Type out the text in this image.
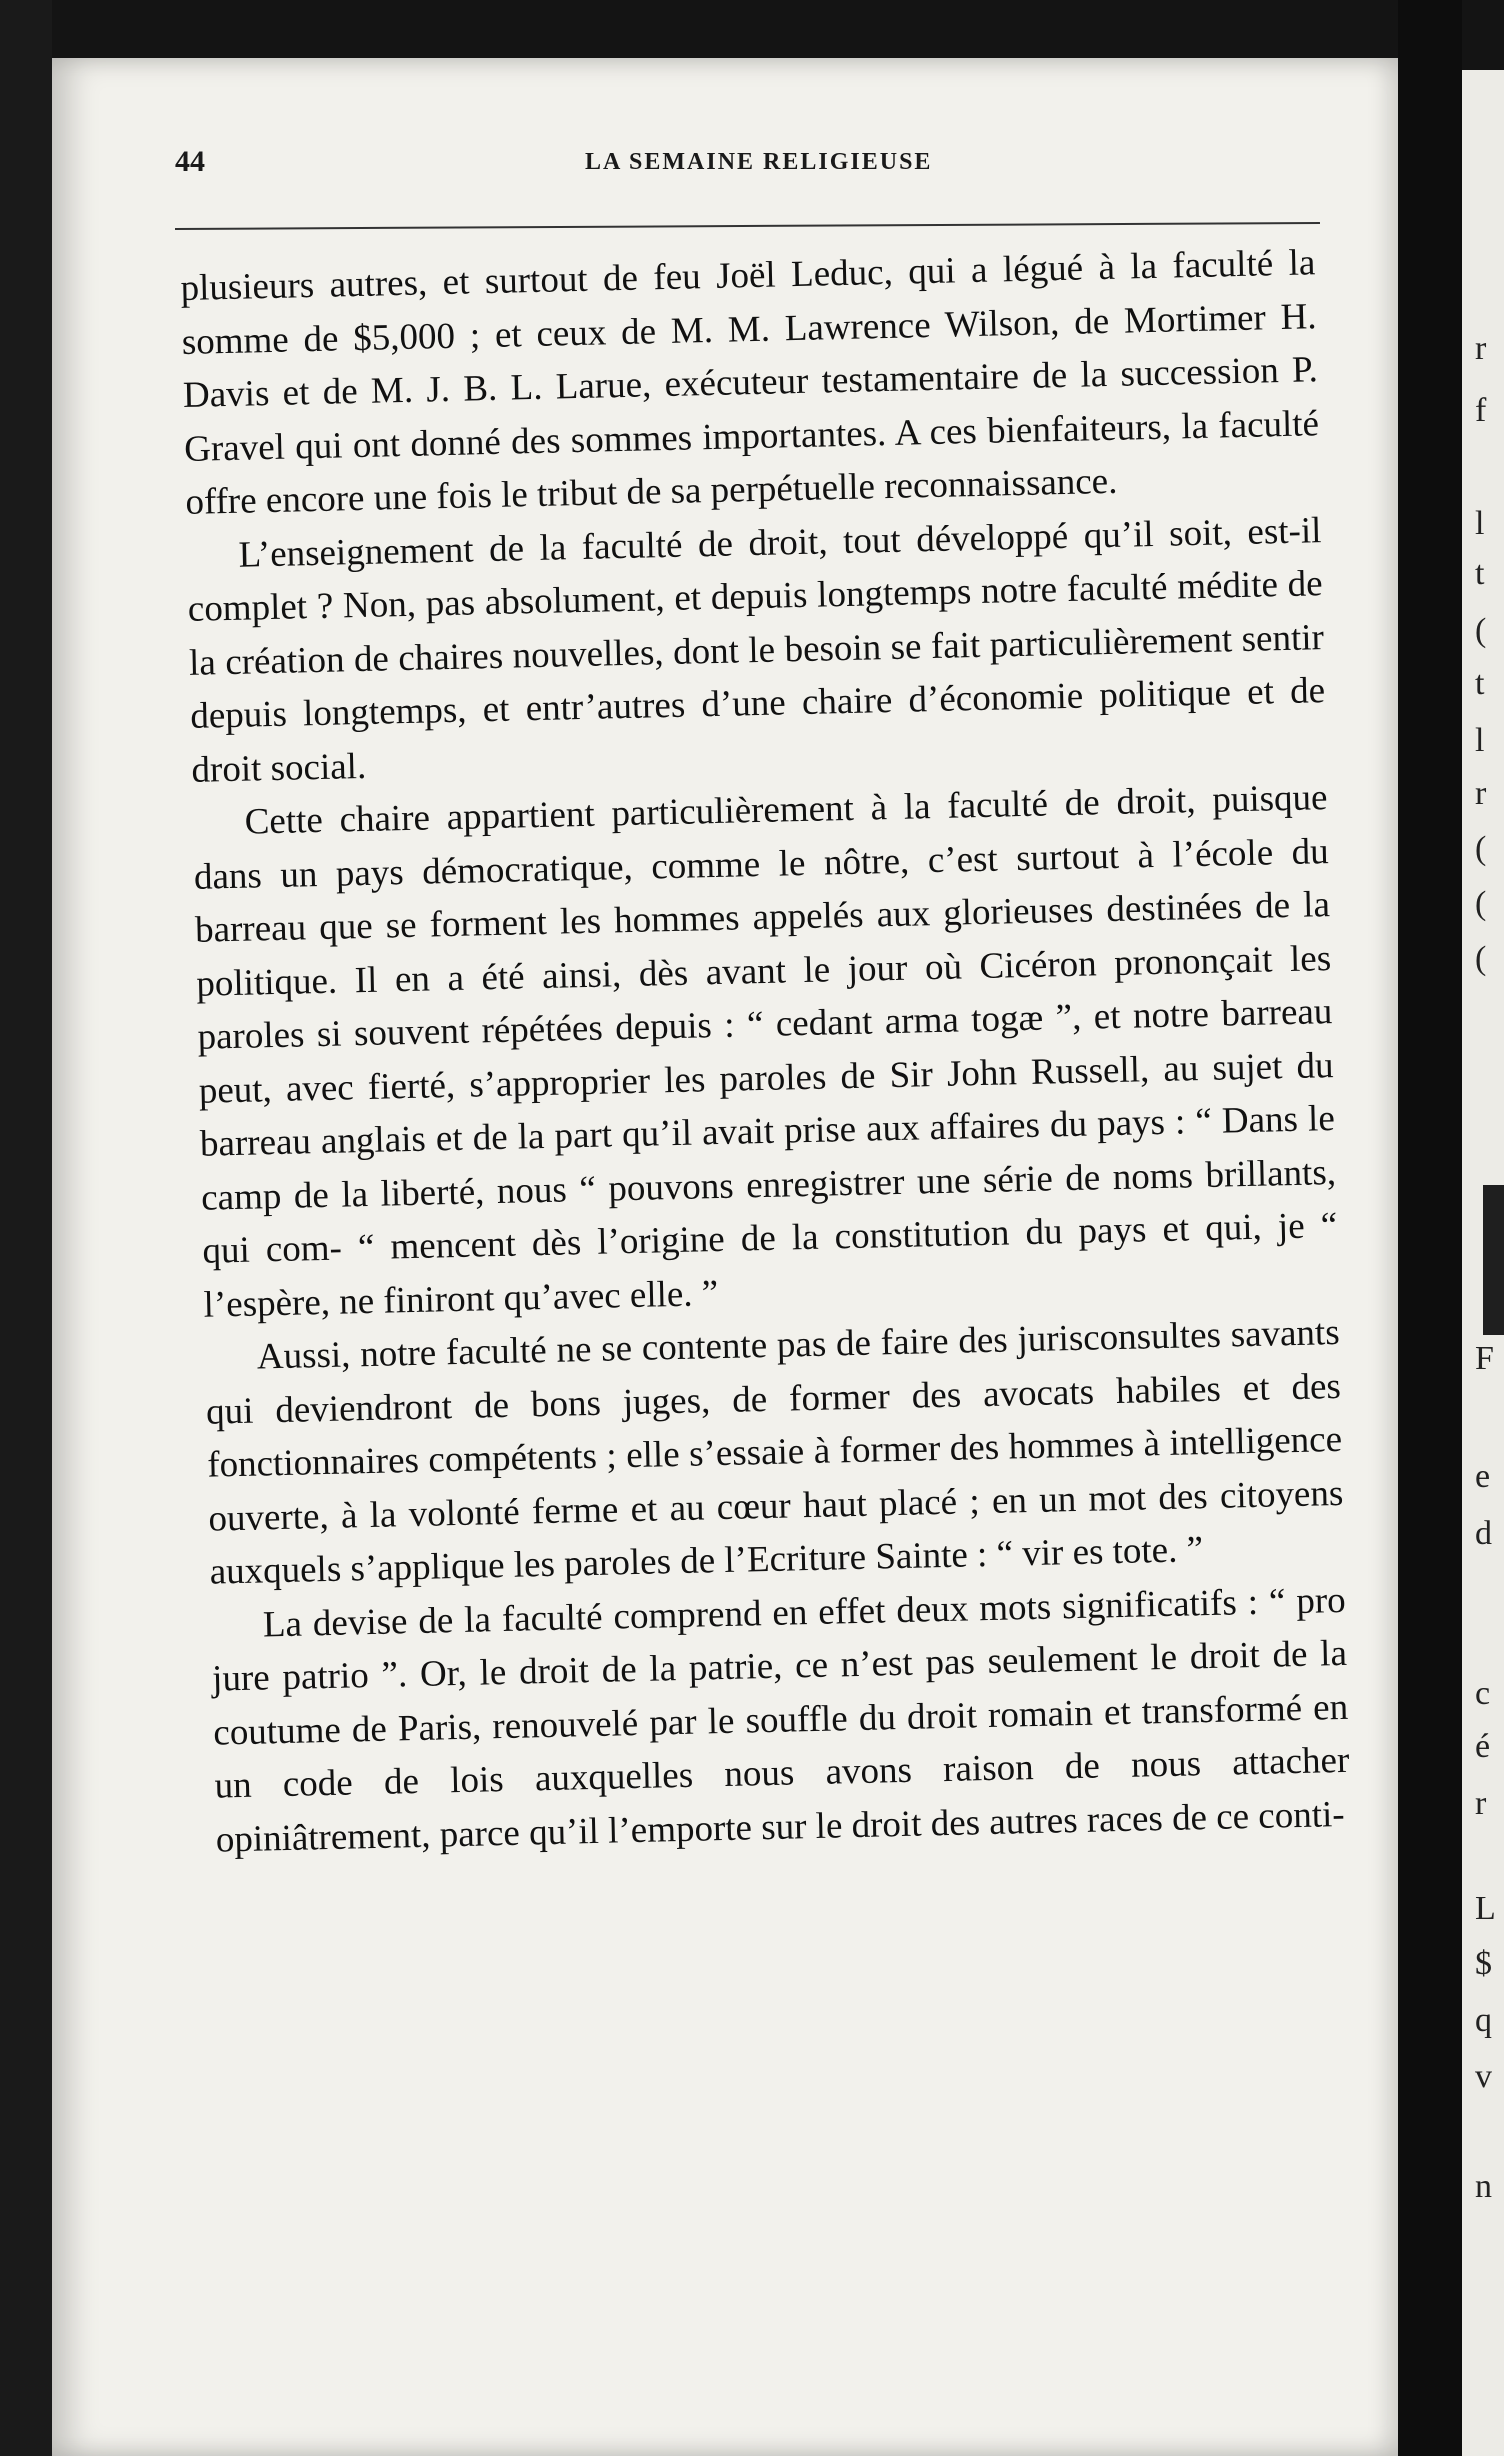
44	LA SEMAINE RELIGIEUSE

plusieurs autres, et surtout de feu Joël Leduc, qui a légué à la faculté la somme de $5,000 ; et ceux de M. M. Lawrence Wilson, de Mortimer H. Davis et de M. J. B. L. Larue, exécuteur testamentaire de la succession P. Gravel qui ont donné des sommes importantes. A ces bienfaiteurs, la faculté offre encore une fois le tribut de sa perpétuelle reconnaissance.

L’enseignement de la faculté de droit, tout développé qu’il soit, est-il complet ? Non, pas absolument, et depuis longtemps notre faculté médite de la création de chaires nouvelles, dont le besoin se fait particulièrement sentir depuis longtemps, et entr’autres d’une chaire d’économie politique et de droit social.

Cette chaire appartient particulièrement à la faculté de droit, puisque dans un pays démocratique, comme le nôtre, c’est surtout à l’école du barreau que se forment les hommes appelés aux glorieuses destinées de la politique. Il en a été ainsi, dès avant le jour où Cicéron prononçait les paroles si souvent répétées depuis : “ cedant arma togæ ”, et notre barreau peut, avec fierté, s’approprier les paroles de Sir John Russell, au sujet du barreau anglais et de la part qu’il avait prise aux affaires du pays : “ Dans le camp de la liberté, nous “ pouvons enregistrer une série de noms brillants, qui com- “ mencent dès l’origine de la constitution du pays et qui, je “ l’espère, ne finiront qu’avec elle. ”

Aussi, notre faculté ne se contente pas de faire des jurisconsultes savants qui deviendront de bons juges, de former des avocats habiles et des fonctionnaires compétents ; elle s’essaie à former des hommes à intelligence ouverte, à la volonté ferme et au cœur haut placé ; en un mot des citoyens auxquels s’applique les paroles de l’Ecriture Sainte : “ vir es tote. ”

La devise de la faculté comprend en effet deux mots significatifs : “ pro jure patrio ”. Or, le droit de la patrie, ce n’est pas seulement le droit de la coutume de Paris, renouvelé par le souffle du droit romain et transformé en un code de lois auxquelles nous avons raison de nous attacher opiniâtrement, parce qu’il l’emporte sur le droit des autres races de ce conti-

r
f
l
t
(
t
l
r
(
(
(
F
e
d
c
é
r
L
$
q
v
n
